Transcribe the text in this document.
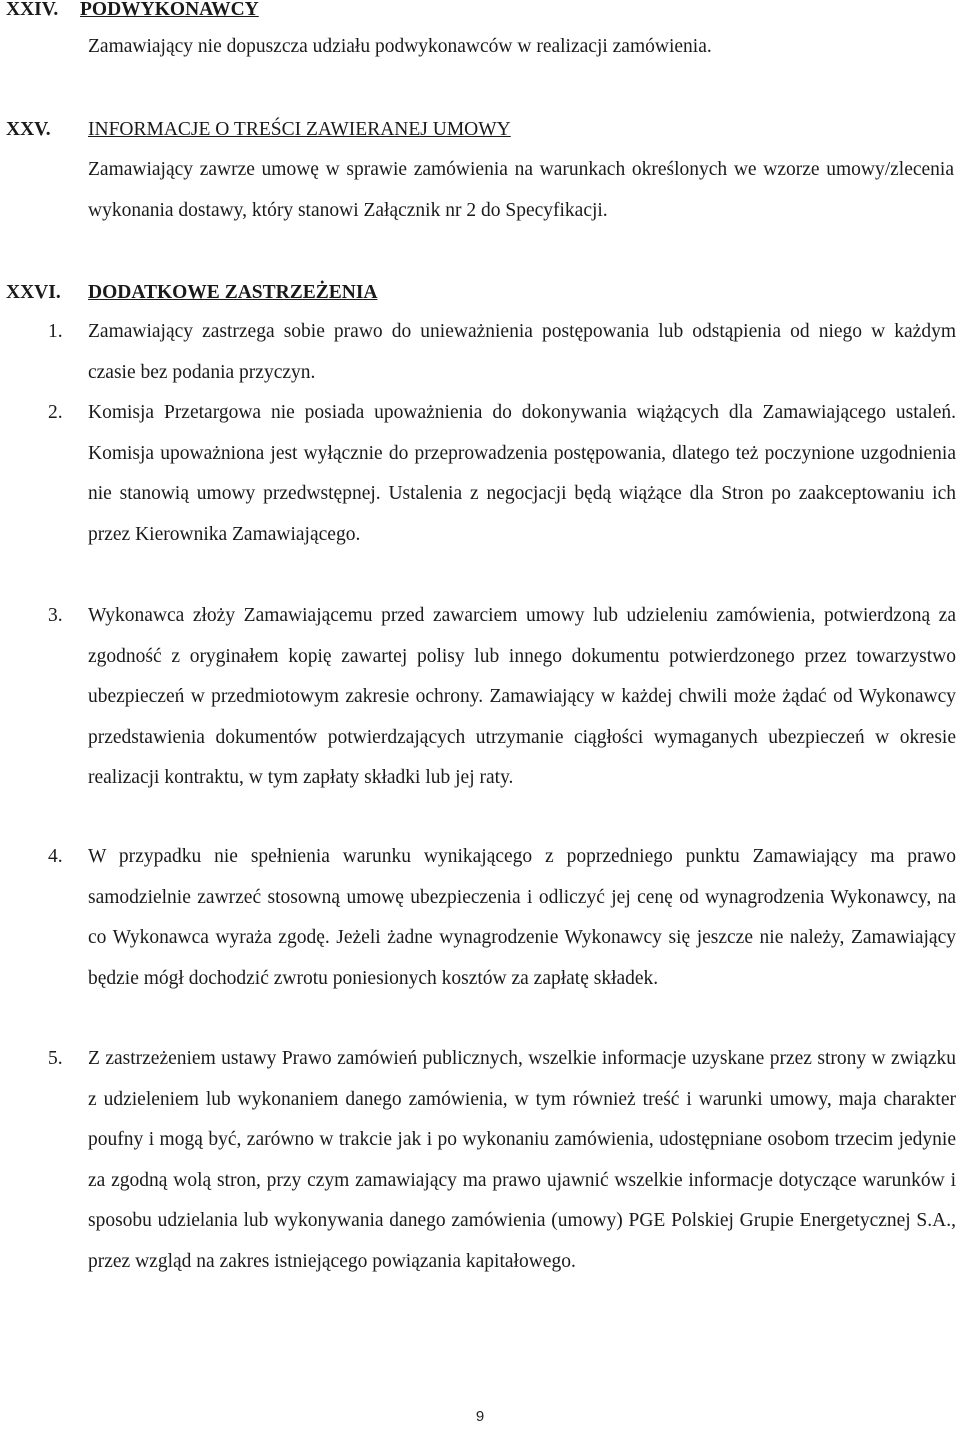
XXIV. PODWYKONAWCY
Zamawiający nie dopuszcza udziału podwykonawców w realizacji zamówienia.
XXV. INFORMACJE O TREŚCI ZAWIERANEJ UMOWY
Zamawiający zawrze umowę w sprawie zamówienia na warunkach określonych we wzorze umowy/zlecenia wykonania dostawy, który stanowi Załącznik nr 2 do Specyfikacji.
XXVI. DODATKOWE ZASTRZEŻENIA
1.	Zamawiający zastrzega sobie prawo do unieważnienia postępowania lub odstąpienia od niego w każdym czasie bez podania przyczyn.
2.	Komisja Przetargowa nie posiada upoważnienia do dokonywania wiążących dla Zamawiającego ustaleń. Komisja upoważniona jest wyłącznie do przeprowadzenia postępowania, dlatego też poczynione uzgodnienia nie stanowią umowy przedwstępnej. Ustalenia z negocjacji będą wiążące dla Stron po zaakceptowaniu ich przez Kierownika Zamawiającego.
3.	Wykonawca złoży Zamawiającemu przed zawarciem umowy lub udzieleniu zamówienia, potwierdzoną za zgodność z oryginałem kopię zawartej polisy lub innego dokumentu potwierdzonego przez towarzystwo ubezpieczeń w przedmiotowym zakresie ochrony. Zamawiający w każdej chwili może żądać od Wykonawcy przedstawienia dokumentów potwierdzających utrzymanie ciągłości wymaganych ubezpieczeń w okresie realizacji kontraktu, w tym zapłaty składki lub jej raty.
4.	W przypadku nie spełnienia warunku wynikającego z poprzedniego punktu Zamawiający ma prawo samodzielnie zawrzeć stosowną umowę ubezpieczenia i odliczyć jej cenę od wynagrodzenia Wykonawcy, na co Wykonawca wyraża zgodę. Jeżeli żadne wynagrodzenie Wykonawcy się jeszcze nie należy, Zamawiający będzie mógł dochodzić zwrotu poniesionych kosztów za zapłatę składek.
5.	Z zastrzeżeniem ustawy Prawo zamówień publicznych, wszelkie informacje uzyskane przez strony w związku z udzieleniem lub wykonaniem danego zamówienia, w tym również treść i warunki umowy, maja charakter poufny i mogą być, zarówno w trakcie jak i po wykonaniu zamówienia, udostępniane osobom trzecim jedynie za zgodną wolą stron, przy czym zamawiający ma prawo ujawnić wszelkie informacje dotyczące warunków i sposobu udzielania lub wykonywania danego zamówienia (umowy) PGE Polskiej Grupie Energetycznej S.A., przez wzgląd na zakres istniejącego powiązania kapitałowego.
9
